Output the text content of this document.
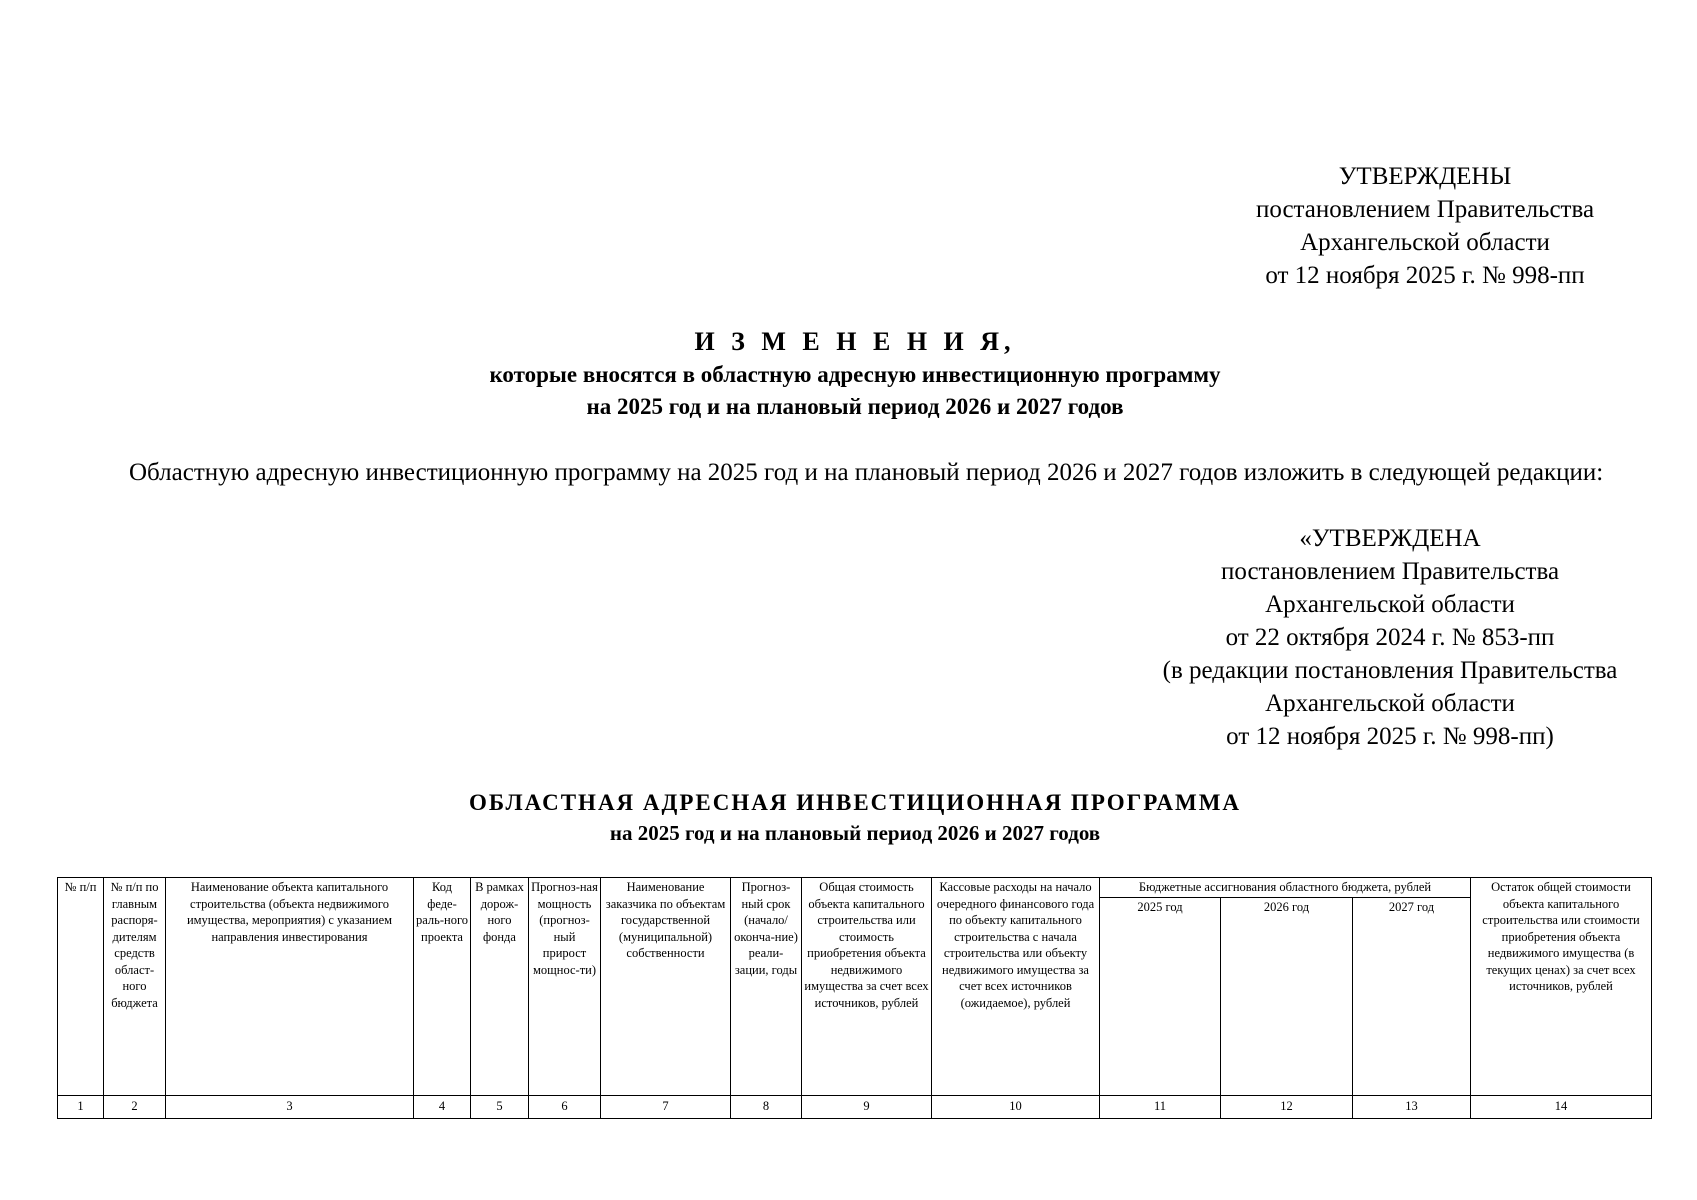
УТВЕРЖДЕНЫ
постановлением Правительства
Архангельской области
от 12 ноября 2025 г. № 998-пп
И З М Е Н Е Н И Я,
которые вносятся в областную адресную инвестиционную программу
на 2025 год и на плановый период 2026 и 2027 годов
Областную адресную инвестиционную программу на 2025 год и на плановый период 2026 и 2027 годов изложить в следующей редакции:
«УТВЕРЖДЕНА
постановлением Правительства
Архангельской области
от 22 октября 2024 г. № 853-пп
(в редакции постановления Правительства
Архангельской области
от 12 ноября 2025 г. № 998-пп)
ОБЛАСТНАЯ АДРЕСНАЯ ИНВЕСТИЦИОННАЯ ПРОГРАММА
на 2025 год и на плановый период 2026 и 2027 годов
№ п/п	№ п/п по главным распоря-дителям средств област-ного бюджета	Наименование объекта капитального строительства (объекта недвижимого имущества, мероприятия) с указанием направления инвестирования	Код феде-раль-ного проекта	В рамках дорож-ного фонда	Прогноз-ная мощность (прогноз-ный прирост мощнос-ти)	Наименование заказчика по объектам государственной (муниципальной) собственности	Прогноз-ный срок (начало/ оконча-ние) реали-зации, годы	Общая стоимость объекта капитального строительства или стоимость приобретения объекта недвижимого имущества за счет всех источников, рублей	Кассовые расходы на начало очередного финансового года по объекту капитального строительства с начала строительства или объекту недвижимого имущества за счет всех источников (ожидаемое), рублей	Бюджетные ассигнования областного бюджета, рублей			Остаток общей стоимости объекта капитального строительства или стоимости приобретения объекта недвижимого имущества (в текущих ценах) за счет всех источников, рублей
										2025 год	2026 год	2027 год	
1	2	3	4	5	6	7	8	9	10	11	12	13	14
